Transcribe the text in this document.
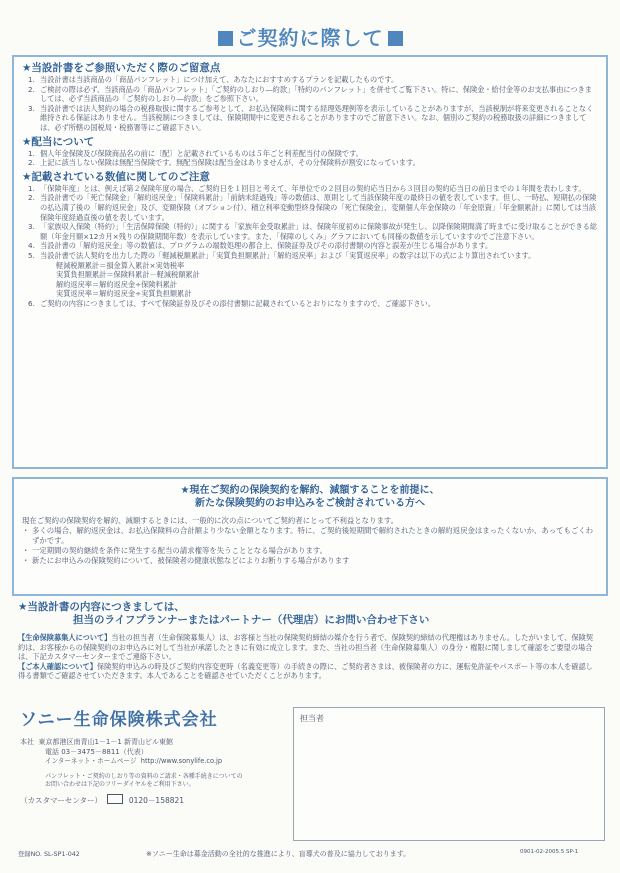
ご契約に際して

★当設計書をご参照いただく際のご留意点

1. 当設計書は当該商品の「商品パンフレット」につけ加えて、あなたにおすすめするプランを記載したものです。
2. ご検討の際は必ず、当該商品の「商品パンフレット」「ご契約のしおり―約款」「特約のパンフレット」を併せてご覧下さい。特に、保険金・給付金等のお支払事由につきましては、必ず当該商品の「ご契約のしおり―約款」をご参照下さい。
3. 当設計書では法人契約の場合の税務取扱に関するご参考として、お払込保険料に関する経理処理例等を表示していることがありますが、当該税制が将来変更されることなく維持される保証はありません。当該税制につきましては、保険期間中に変更されることがありますのでご留意下さい。なお、個別のご契約の税務取扱の詳細につきましては、必ず所轄の国税局・税務署等にご確認下さい。

★配当について

1. 個人年金保険及び保険商品名の前に〔配〕と記載されているものは５年ごと利差配当付の保険です。
2. 上記に該当しない保険は無配当保険です。無配当保険は配当金はありませんが、その分保険料が割安になっています。

★記載されている数値に関してのご注意

1. 「保険年度」とは、例えば第２保険年度の場合、ご契約日を１回目と考えて、年単位での２回目の契約応当日から３回目の契約応当日の前日までの１年間を表わします。
2. 当設計書での「死亡保険金」「解約返戻金」「保険料累計」「前納未経過残」等の数値は、原則として当該保険年度の最終日の値を表しています。但し、一時払、短期払の保険の払込満了後の「解約返戻金」及び、変額保険（オプション付）、積立利率変動型終身保険の「死亡保険金」、変額個人年金保険の「年金原資」「年金額累計」に関しては当該保険年度経過直後の値を表しています。
3. 「家族収入保険（特約）」「生活保障保険（特約）」に関する「家族年金受取累計」は、保険年度初めに保険事故が発生し、以降保険期間満了時までに受け取ることができる総額（年金月額×12カ月×残りの保険期間年数）を表示しています。また、「保障のしくみ」グラフにおいても同様の数値を示していますのでご注意下さい。
4. 当設計書の「解約返戻金」等の数値は、プログラムの端数処理の都合上、保険証券及びその添付書類の内容と誤差が生じる場合があります。
5. 当設計書で法人契約を出力した際の「軽減税額累計」「実質負担額累計」「解約返戻率」および「実質返戻率」の数字は以下の式により算出されています。
軽減税額累計＝損金算入累計×実効税率
実質負担額累計＝保険料累計－軽減税額累計
解約返戻率＝解約返戻金÷保険料累計
実質返戻率＝解約返戻金÷実質負担額累計
6. ご契約の内容につきましては、すべて保険証券及びその添付書類に記載されているとおりになりますので、ご確認下さい。
★現在ご契約の保険契約を解約、減額することを前提に、
新たな保険契約のお申込みをご検討されている方へ

現在ご契約の保険契約を解約、減額するときには、一般的に次の点についてご契約者にとって不利益となります。

・ 多くの場合、解約返戻金は、お払込保険料の合計額より少ない金額となります。特に、ご契約後短期間で解約されたときの解約返戻金はまったくないか、あってもごくわずかです。
・ 一定期間の契約継続を条件に発生する配当の請求権等を失うこととなる場合があります。
・ 新たにお申込みの保険契約について、被保険者の健康状態などによりお断りする場合があります
★当設計書の内容につきましては、
担当のライフプランナーまたはパートナー（代理店）にお問い合わせ下さい

【生命保険募集人について】当社の担当者（生命保険募集人）は、お客様と当社の保険契約締結の媒介を行う者で、保険契約締結の代理権はありません。したがいまして、保険契約は、お客様からの保険契約のお申込みに対して当社が承諾したときに有効に成立します。また、当社の担当者（生命保険募集人）の身分・権限に関しまして確認をご要望の場合は、下記カスタマーセンターまでご連絡下さい。

【ご本人確認について】保険契約申込みの時及びご契約内容変更時（名義変更等）の手続きの際に、ご契約者さまは、被保険者の方に、運転免許証やパスポート等の本人を確認し得る書類でご確認させていただきます。本人であることを確認させていただくことがあります。

ソニー生命保険株式会社
本社 東京都港区南青山1－1－1 新青山ビル東館
電話 03－3475－8811（代表）
インターネット・ホームページ http://www.sonylife.co.jp
パンフレット・ご契約のしおり等の資料のご請求・各種手続きについての
お問い合わせは下記のフリーダイヤルをご利用下さい。
（カスタマーセンター）	0120－158821
担当者
登録NO. SL-SP1-042	※ソニー生命は募金活動の全社的な推進により、盲導犬の普及に協力しております。	0901-02-2005.5 SP-1
